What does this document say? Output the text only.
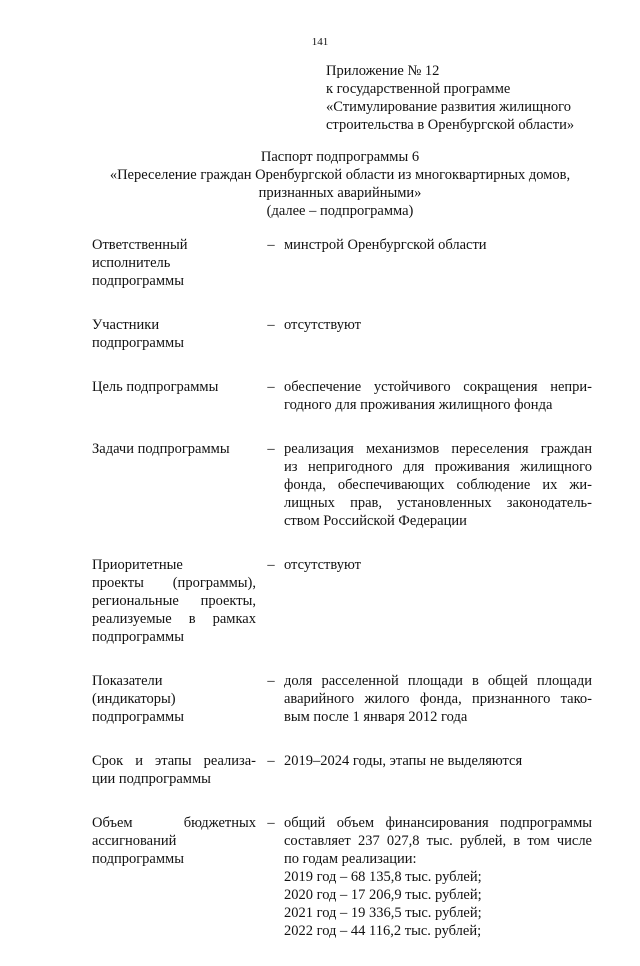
141
Приложение № 12
к государственной программе
«Стимулирование развития жилищного
строительства в Оренбургской области»
Паспорт подпрограммы 6
«Переселение граждан Оренбургской области из многоквартирных домов,
признанных аварийными»
(далее – подпрограмма)
Ответственный
исполнитель
подпрограммы
– минстрой Оренбургской области
Участники
подпрограммы
– отсутствуют
Цель подпрограммы	– обеспечение устойчивого сокращения непри-
годного для проживания жилищного фонда
Задачи подпрограммы	– реализация механизмов переселения граждан
из непригодного для проживания жилищного
фонда, обеспечивающих соблюдение их жи-
лищных прав, установленных законодатель-
ством Российской Федерации
Приоритетные
проекты (программы),
региональные проекты,
реализуемые в рамках
подпрограммы
– отсутствуют
Показатели
(индикаторы)
подпрограммы
– доля расселенной площади в общей площади
аварийного жилого фонда, признанного тако-
вым после 1 января 2012 года
Срок и этапы реализа-
ции подпрограммы
– 2019–2024 годы, этапы не выделяются
Объем бюджетных
ассигнований
подпрограммы
– общий объем финансирования подпрограммы
составляет 237 027,8 тыс. рублей, в том числе
по годам реализации:
2019 год – 68 135,8 тыс. рублей;
2020 год – 17 206,9 тыс. рублей;
2021 год – 19 336,5 тыс. рублей;
2022 год – 44 116,2 тыс. рублей;
